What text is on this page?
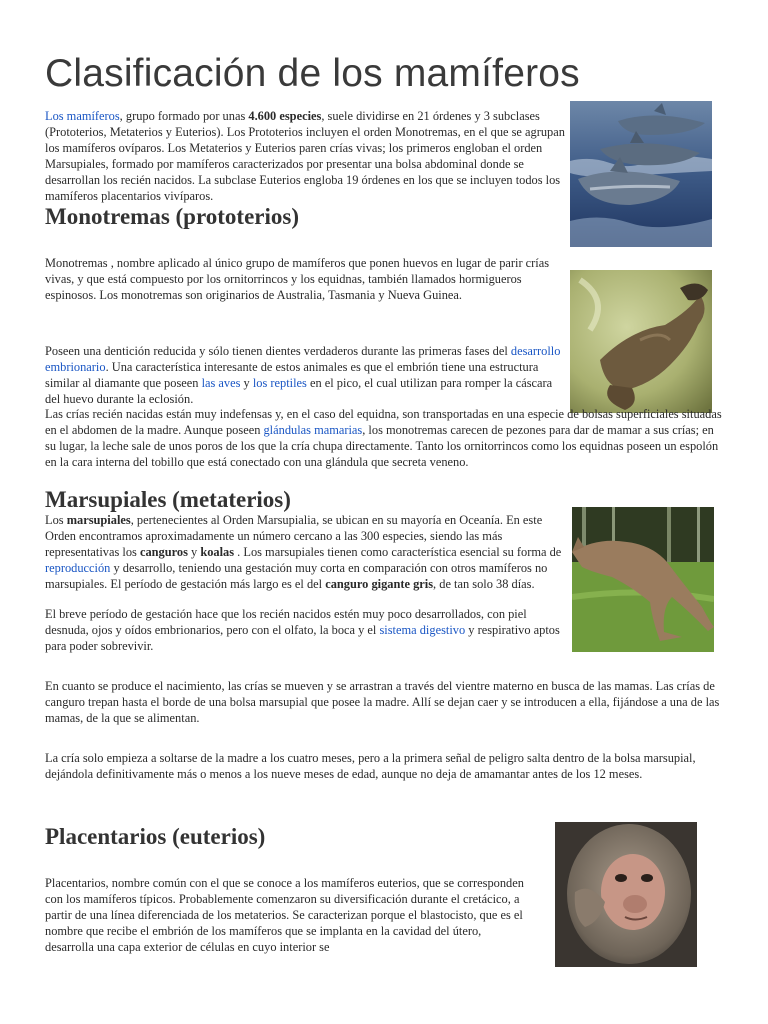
Clasificación de los mamíferos

Los mamíferos, grupo formado por unas 4.600 especies, suele dividirse en 21 órdenes y 3 subclases (Prototerios, Metaterios y Euterios). Los Prototerios incluyen el orden Monotremas, en el que se agrupan los mamíferos ovíparos. Los Metaterios y Euterios paren crías vivas; los primeros engloban el orden Marsupiales, formado por mamíferos caracterizados por presentar una bolsa abdominal donde se desarrollan los recién nacidos. La subclase Euterios engloba 19 órdenes en los que se incluyen todos los mamíferos placentarios vivíparos.

Monotremas (prototerios)

Monotremas , nombre aplicado al único grupo de mamíferos que ponen huevos en lugar de parir crías vivas, y que está compuesto por los ornitorrincos y los equidnas, también llamados hormigueros espinosos. Los monotremas son originarios de Australia, Tasmania y Nueva Guinea.

Poseen una dentición reducida y sólo tienen dientes verdaderos durante las primeras fases del desarrollo embrionario. Una característica interesante de estos animales es que el embrión tiene una estructura similar al diamante que poseen las aves y los reptiles en el pico, el cual utilizan para romper la cáscara del huevo durante la eclosión.

Las crías recién nacidas están muy indefensas y, en el caso del equidna, son transportadas en una especie de bolsas superficiales situadas en el abdomen de la madre. Aunque poseen glándulas mamarias, los monotremas carecen de pezones para dar de mamar a sus crías; en su lugar, la leche sale de unos poros de los que la cría chupa directamente. Tanto los ornitorrincos como los equidnas poseen un espolón en la cara interna del tobillo que está conectado con una glándula que secreta veneno.

Marsupiales (metaterios)

Los marsupiales, pertenecientes al Orden Marsupialia, se ubican en su mayoría en Oceanía. En este Orden encontramos aproximadamente un número cercano a las 300 especies, siendo las más representativas los canguros y koalas . Los marsupiales tienen como característica esencial su forma de reproducción y desarrollo, teniendo una gestación muy corta en comparación con otros mamíferos no marsupiales. El período de gestación más largo es el del canguro gigante gris, de tan solo 38 días.

El breve período de gestación hace que los recién nacidos estén muy poco desarrollados, con piel desnuda, ojos y oídos embrionarios, pero con el olfato, la boca y el sistema digestivo y respirativo aptos para poder sobrevivir.

En cuanto se produce el nacimiento, las crías se mueven y se arrastran a través del vientre materno en busca de las mamas. Las crías de canguro trepan hasta el borde de una bolsa marsupial que posee la madre. Allí se dejan caer y se introducen a ella, fijándose a una de las mamas, de la que se alimentan.

La cría solo empieza a soltarse de la madre a los cuatro meses, pero a la primera señal de peligro salta dentro de la bolsa marsupial, dejándola definitivamente más o menos a los nueve meses de edad, aunque no deja de amamantar antes de los 12 meses.

Placentarios (euterios)

Placentarios, nombre común con el que se conoce a los mamíferos euterios, que se corresponden con los mamíferos típicos. Probablemente comenzaron su diversificación durante el cretácico, a partir de una línea diferenciada de los metaterios. Se caracterizan porque el blastocisto, que es el nombre que recibe el embrión de los mamíferos que se implanta en la cavidad del útero, desarrolla una capa exterior de células en cuyo interior se
